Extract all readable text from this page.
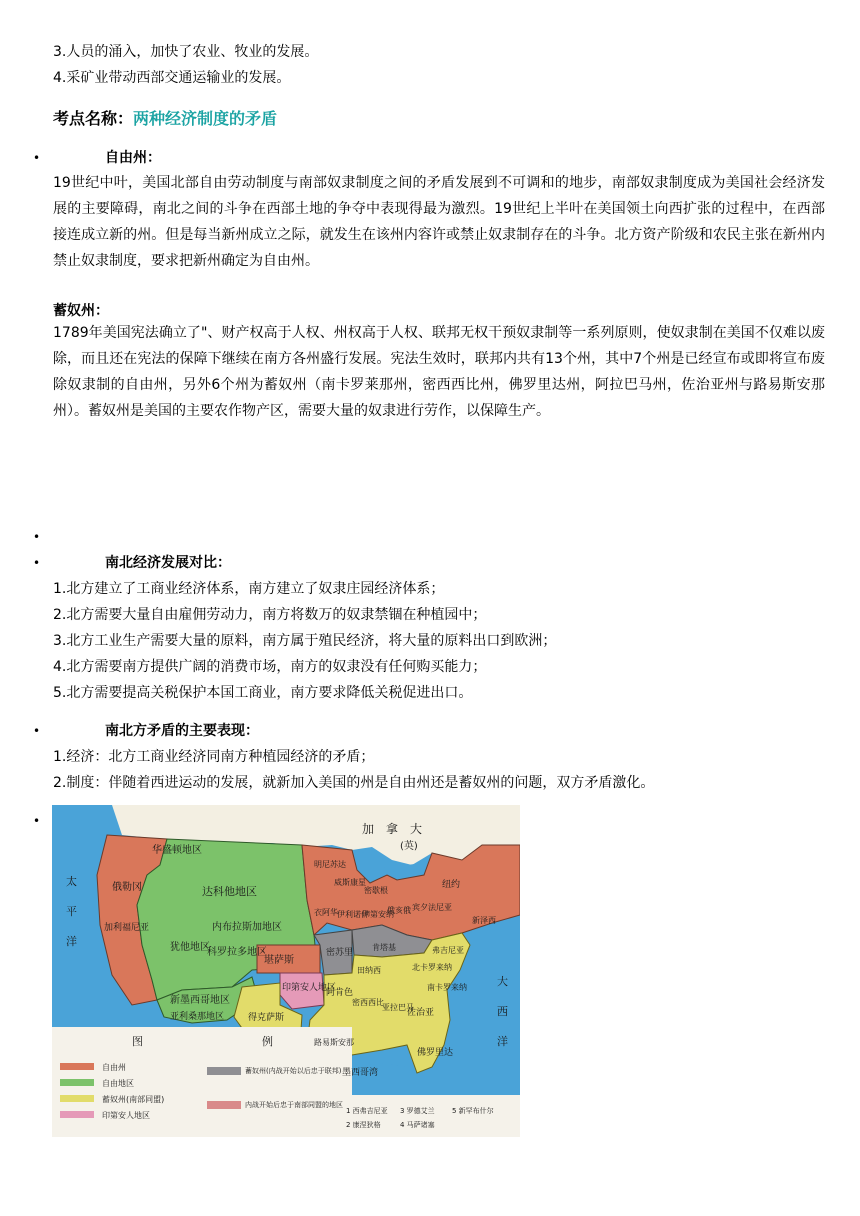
3.人员的涌入，加快了农业、牧业的发展。
4.采矿业带动西部交通运输业的发展。
考点名称：两种经济制度的矛盾
•	自由州：
19世纪中叶，美国北部自由劳动制度与南部奴隶制度之间的矛盾发展到不可调和的地步，南部奴隶制度成为美国社会经济发展的主要障碍，南北之间的斗争在西部土地的争夺中表现得最为激烈。19世纪上半叶在美国领土向西扩张的过程中，在西部接连成立新的州。但是每当新州成立之际，就发生在该州内容许或禁止奴隶制存在的斗争。北方资产阶级和农民主张在新州内禁止奴隶制度，要求把新州确定为自由州。
蓄奴州：
1789年美国宪法确立了"、财产权高于人权、州权高于人权、联邦无权干预奴隶制等一系列原则，使奴隶制在美国不仅难以废除，而且还在宪法的保障下继续在南方各州盛行发展。宪法生效时，联邦内共有13个州，其中7个州是已经宣布或即将宣布废除奴隶制的自由州，另外6个州为蓄奴州（南卡罗莱那州，密西西比州，佛罗里达州，阿拉巴马州，佐治亚州与路易斯安那州）。蓄奴州是美国的主要农作物产区，需要大量的奴隶进行劳作，以保障生产。
•
•	南北经济发展对比：
1.北方建立了工商业经济体系，南方建立了奴隶庄园经济体系；
2.北方需要大量自由雇佣劳动力，南方将数万的奴隶禁锢在种植园中；
3.北方工业生产需要大量的原料，南方属于殖民经济，将大量的原料出口到欧洲；
4.北方需要南方提供广阔的消费市场，南方的奴隶没有任何购买能力；
5.北方需要提高关税保护本国工商业，南方要求降低关税促进出口。
•	南北方矛盾的主要表现：
1.经济：北方工商业经济同南方种植园经济的矛盾；
2.制度：伴随着西进运动的发展，就新加入美国的州是自由州还是蓄奴州的问题，双方矛盾激化。
•
加　拿　大
(英)
太
平
洋
大
西
洋
俄勒冈
华盛顿地区
加利福尼亚
达科他地区
内布拉斯加地区
犹他地区
科罗拉多地区
堪萨斯
新墨西哥地区
亚利桑那地区
印第安人地区
得克萨斯
密苏里
阿肯色
路易斯安那
密西西比
亚拉巴马
佐治亚
佛罗里达
田纳西	北卡罗来纳
南卡罗来纳
弗吉尼亚
肯塔基
伊利诺伊
印第安纳
俄亥俄
密歇根
威斯康星
明尼苏达
衣阿华
宾夕法尼亚
纽约
新泽西
墨西哥湾
图	例
自由州
自由地区
蓄奴州(南部同盟)
印第安人地区
蓄奴州(内战开始以后忠于联邦)
内战开始后忠于南部同盟的地区
1 西弗吉尼亚 3 罗德艾兰 5 新罕布什尔
2 康涅狄格	4 马萨诸塞
